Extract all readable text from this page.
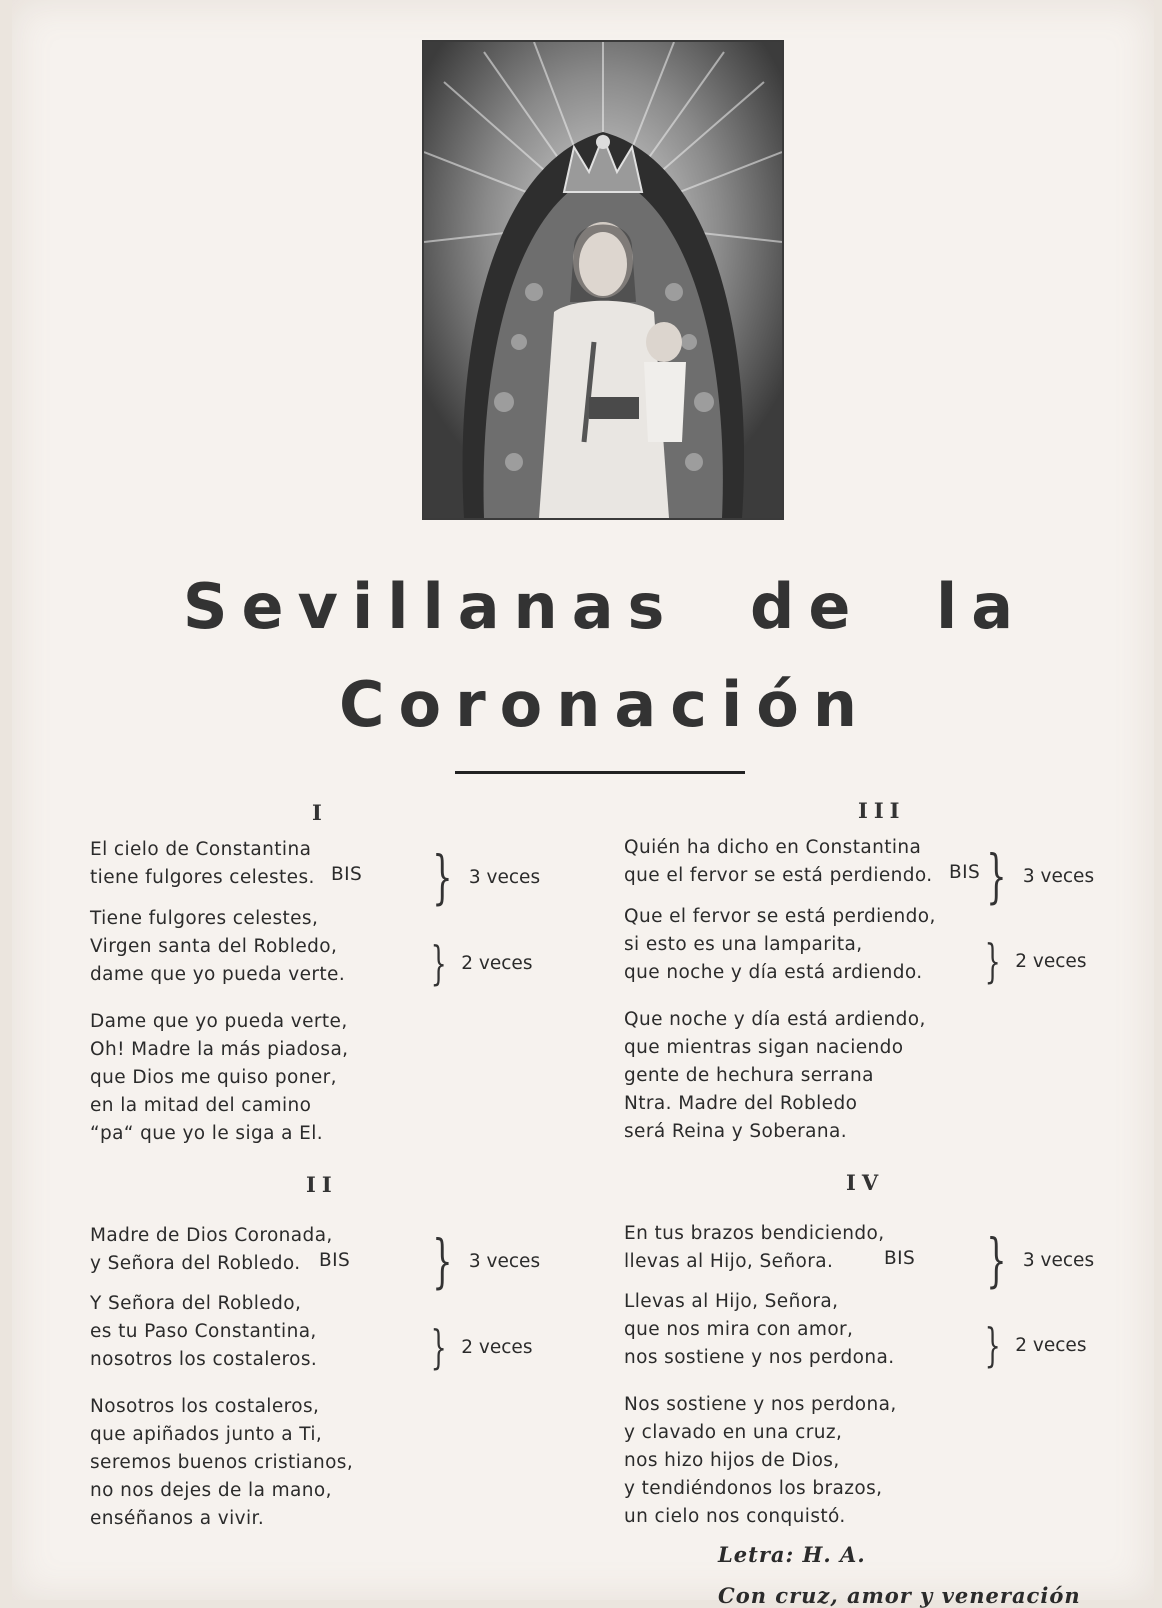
Sevillanas de la
Coronación
I
El cielo de Constantina
tiene fulgores celestes. BIS } 3 veces
Tiene fulgores celestes,
Virgen santa del Robledo,
dame que yo pueda verte. } 2 veces
Dame que yo pueda verte,
Oh! Madre la más piadosa,
que Dios me quiso poner,
en la mitad del camino
“pa“ que yo le siga a El.
II
Madre de Dios Coronada,
y Señora del Robledo. BIS } 3 veces
Y Señora del Robledo,
es tu Paso Constantina,
nosotros los costaleros. } 2 veces
Nosotros los costaleros,
que apiñados junto a Ti,
seremos buenos cristianos,
no nos dejes de la mano,
enséñanos a vivir.
III
Quién ha dicho en Constantina
que el fervor se está perdiendo. BIS } 3 veces
Que el fervor se está perdiendo,
si esto es una lamparita,
que noche y día está ardiendo. } 2 veces
Que noche y día está ardiendo,
que mientras sigan naciendo
gente de hechura serrana
Ntra. Madre del Robledo
será Reina y Soberana.
IV
En tus brazos bendiciendo,
llevas al Hijo, Señora.	BIS } 3 veces
Llevas al Hijo, Señora,
que nos mira con amor,
nos sostiene y nos perdona. } 2 veces
Nos sostiene y nos perdona,
y clavado en una cruz,
nos hizo hijos de Dios,
y tendiéndonos los brazos,
un cielo nos conquistó.
Letra: H. A.
Con cruz, amor y veneración
